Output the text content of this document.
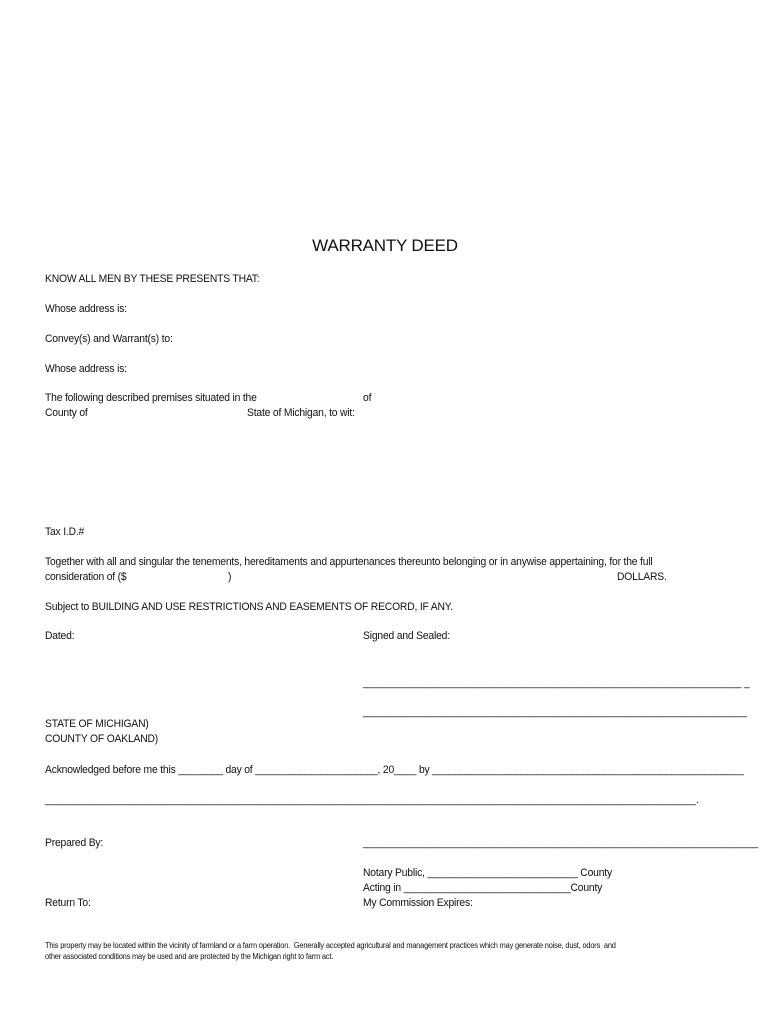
WARRANTY DEED
KNOW ALL MEN BY THESE PRESENTS THAT:
Whose address is:
Convey(s) and Warrant(s) to:
Whose address is:
The following described premises situated in the	of
County of	State of Michigan, to wit:
Tax I.D.#
Together with all and singular the tenements, hereditaments and appurtenances thereunto belonging or in anywise appertaining, for the full
consideration of ($	)	DOLLARS.
Subject to BUILDING AND USE RESTRICTIONS AND EASEMENTS OF RECORD, IF ANY.
Dated:	Signed and Sealed:
____________________________________________________________________ _
_____________________________________________________________________
STATE OF MICHIGAN)
COUNTY OF OAKLAND)
Acknowledged before me this ________ day of ______________________, 20____ by ________________________________________________________
_____________________________________________________________________________________________________________________.
Prepared By:	_______________________________________________________________________
Notary Public, ___________________________ County
Acting in ______________________________County
Return To:	My Commission Expires:
This property may be located within the vicinity of farmland or a farm operation.  Generally accepted agricultural and management practices which may generate noise, dust, odors  and
other associated conditions may be used and are protected by the Michigan right to farm act.
